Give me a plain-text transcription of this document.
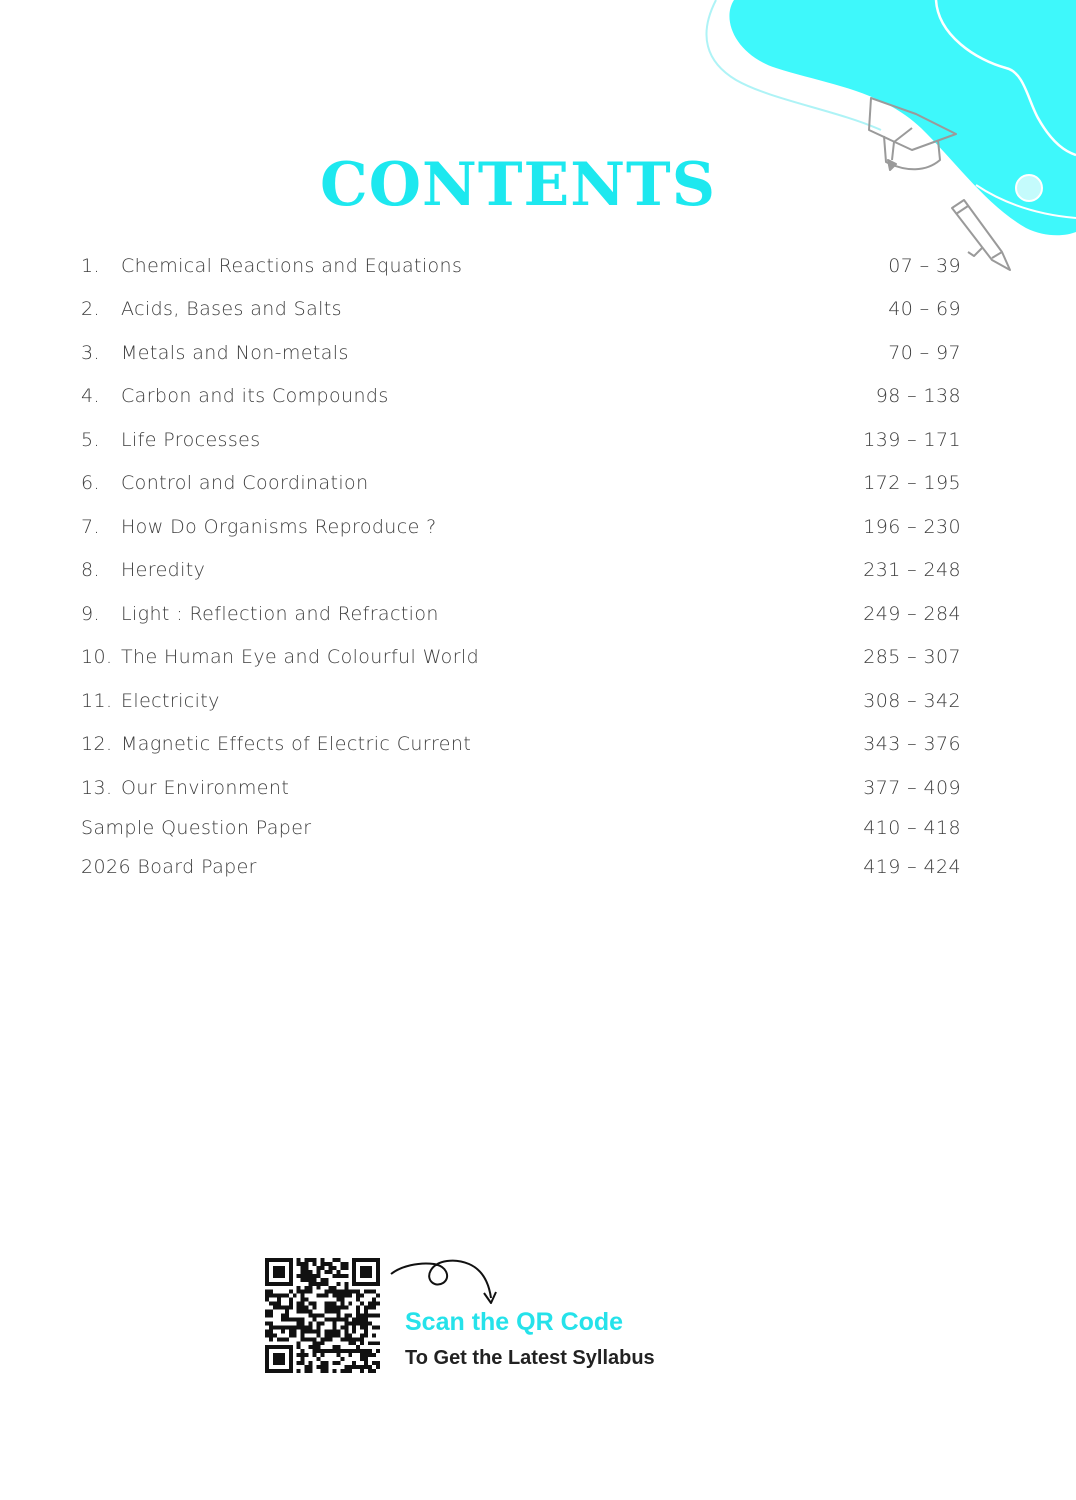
CONTENTS
1.	Chemical Reactions and Equations	07 – 39
2.	Acids, Bases and Salts	40 – 69
3.	Metals and Non-metals	70 – 97
4.	Carbon and its Compounds	98 – 138
5.	Life Processes	139 – 171
6.	Control and Coordination	172 – 195
7.	How Do Organisms Reproduce ?	196 – 230
8.	Heredity	231 – 248
9.	Light : Reflection and Refraction	249 – 284
10. The Human Eye and Colourful World	285 – 307
11. Electricity	308 – 342
12. Magnetic Effects of Electric Current	343 – 376
13. Our Environment	377 – 409
Sample Question Paper	410 – 418
2026 Board Paper	419 – 424
Scan the QR Code
To Get the Latest Syllabus
